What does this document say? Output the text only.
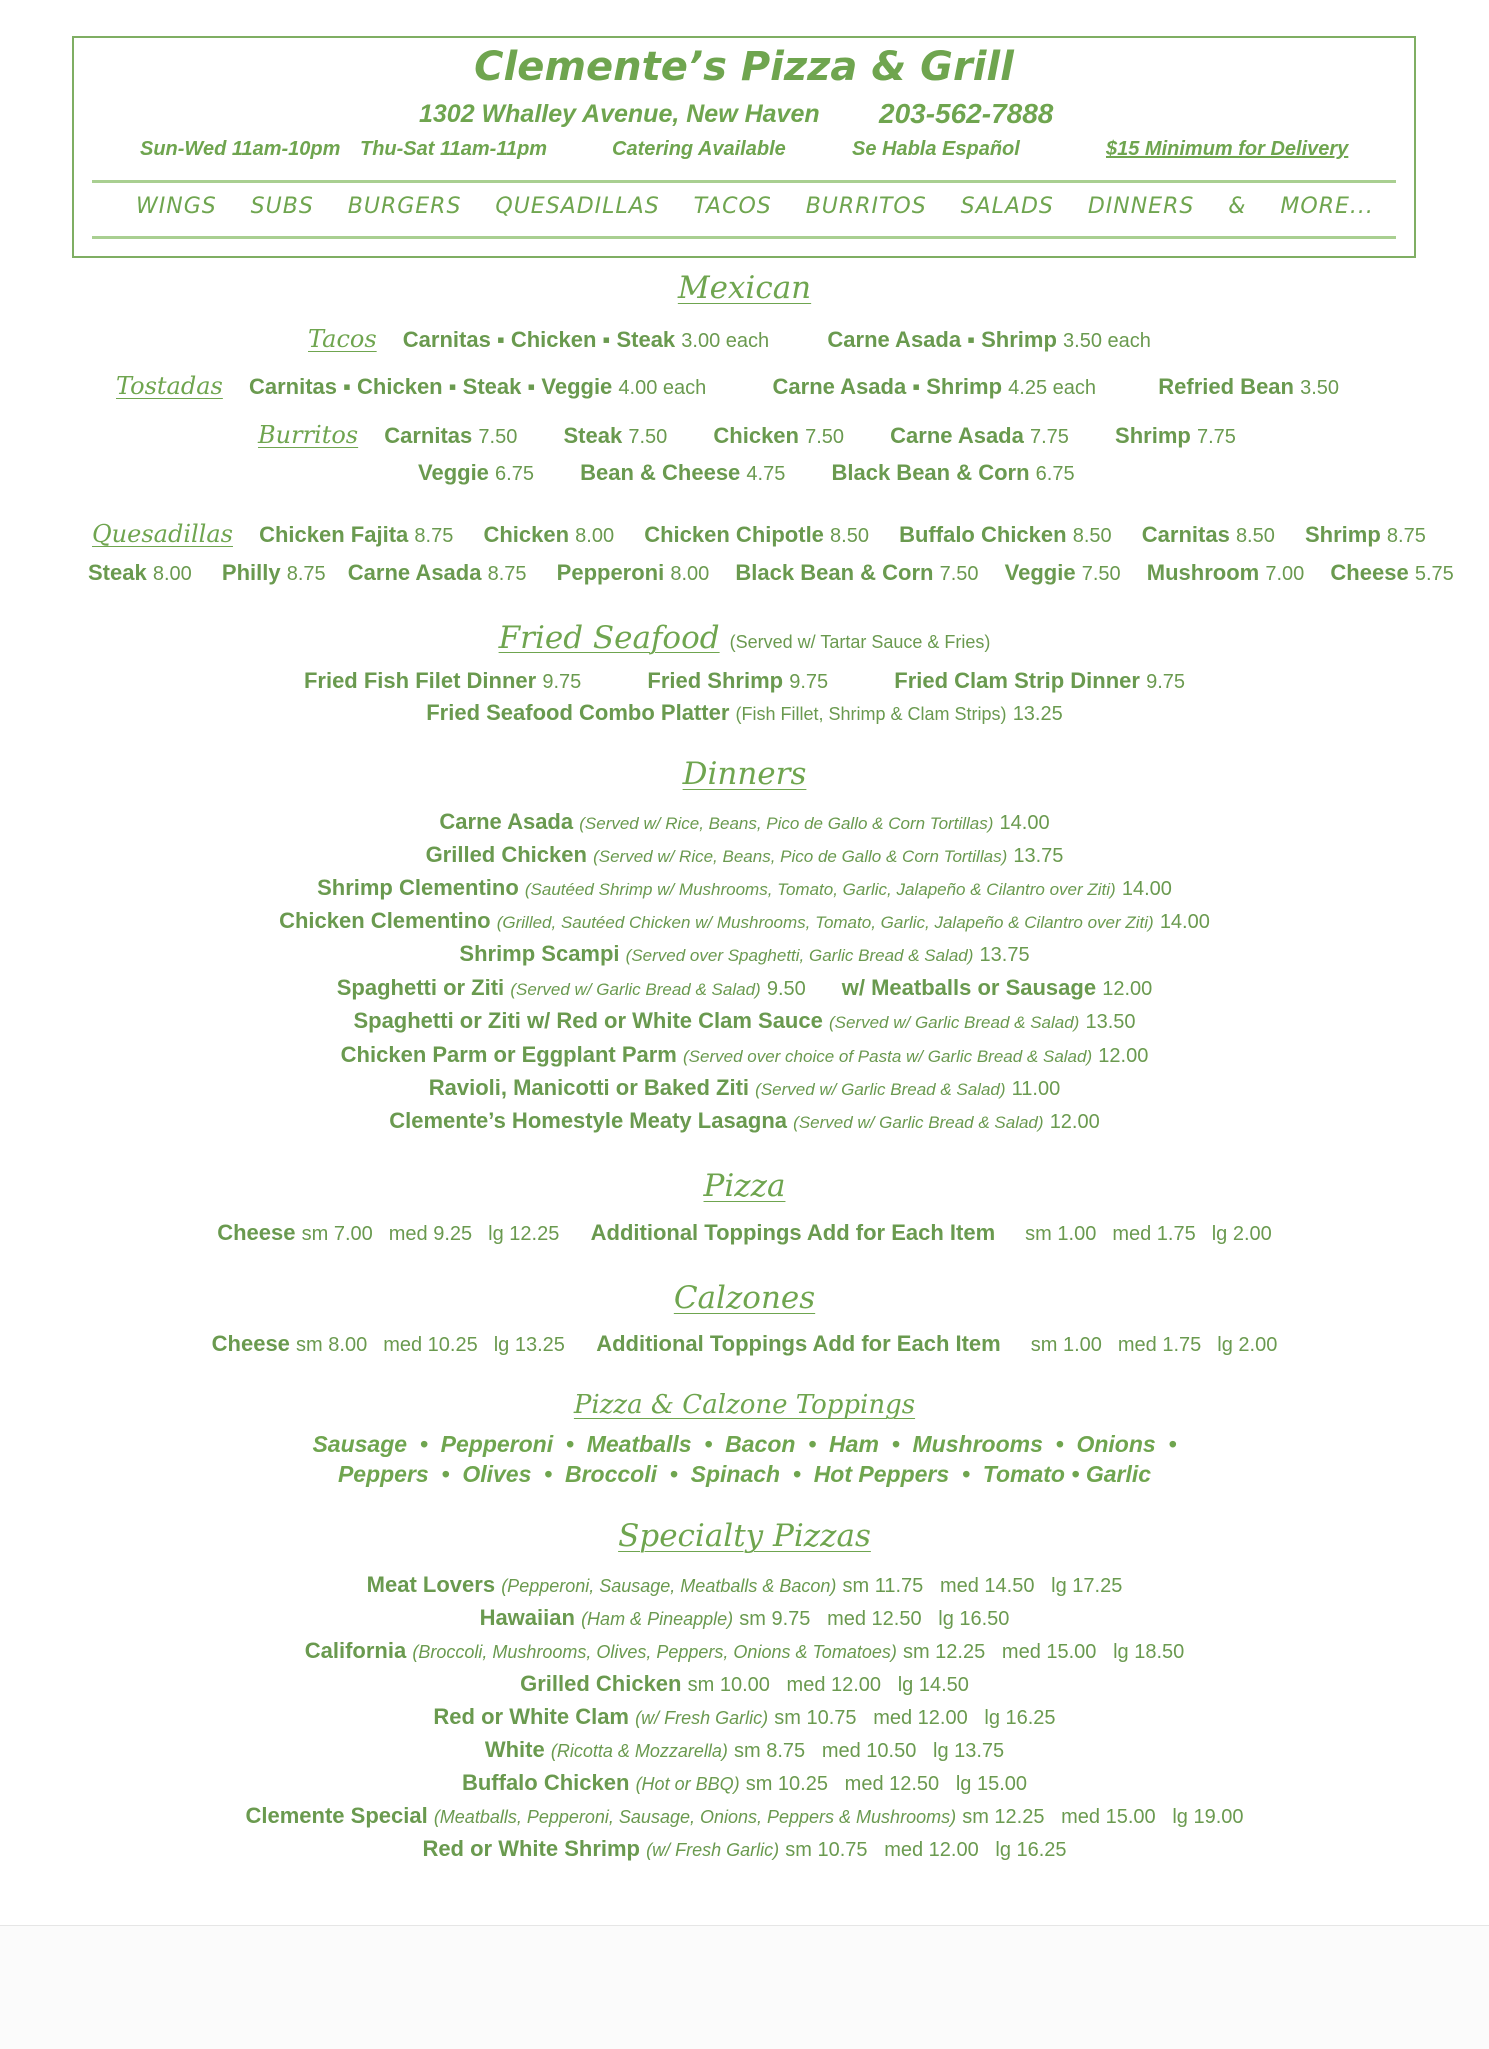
Clemente’s Pizza & Grill
1302 Whalley Avenue, New Haven 203-562-7888
Sun-Wed 11am-10pm Thu-Sat 11am-11pm	Catering Available	Se Habla Español	$15 Minimum for Delivery
WINGS SUBS BURGERS QUESADILLAS TACOS BURRITOS SALADS DINNERS & MORE...
Mexican
Tacos Carnitas ▪ Chicken ▪ Steak 3.00 each	Carne Asada ▪ Shrimp 3.50 each
Tostadas Carnitas ▪ Chicken ▪ Steak ▪ Veggie 4.00 each	Carne Asada ▪ Shrimp 4.25 each	Refried Bean 3.50
Burritos Carnitas 7.50 Steak 7.50 Chicken 7.50 Carne Asada 7.75 Shrimp 7.75
Veggie 6.75 Bean & Cheese 4.75 Black Bean & Corn 6.75
Quesadillas Chicken Fajita 8.75 Chicken 8.00 Chicken Chipotle 8.50 Buffalo Chicken 8.50 Carnitas 8.50 Shrimp 8.75
Steak 8.00 Philly 8.75 Carne Asada 8.75 Pepperoni 8.00 Black Bean & Corn 7.50 Veggie 7.50 Mushroom 7.00 Cheese 5.75
Fried Seafood (Served w/ Tartar Sauce & Fries)
Fried Fish Filet Dinner 9.75	Fried Shrimp 9.75	Fried Clam Strip Dinner 9.75
Fried Seafood Combo Platter (Fish Fillet, Shrimp & Clam Strips) 13.25
Dinners
Carne Asada (Served w/ Rice, Beans, Pico de Gallo & Corn Tortillas) 14.00
Grilled Chicken (Served w/ Rice, Beans, Pico de Gallo & Corn Tortillas) 13.75
Shrimp Clementino (Sautéed Shrimp w/ Mushrooms, Tomato, Garlic, Jalapeño & Cilantro over Ziti) 14.00
Chicken Clementino (Grilled, Sautéed Chicken w/ Mushrooms, Tomato, Garlic, Jalapeño & Cilantro over Ziti) 14.00
Shrimp Scampi (Served over Spaghetti, Garlic Bread & Salad) 13.75
Spaghetti or Ziti (Served w/ Garlic Bread & Salad) 9.50 w/ Meatballs or Sausage 12.00
Spaghetti or Ziti w/ Red or White Clam Sauce (Served w/ Garlic Bread & Salad) 13.50
Chicken Parm or Eggplant Parm (Served over choice of Pasta w/ Garlic Bread & Salad) 12.00
Ravioli, Manicotti or Baked Ziti (Served w/ Garlic Bread & Salad) 11.00
Clemente’s Homestyle Meaty Lasagna (Served w/ Garlic Bread & Salad) 12.00
Pizza
Cheese sm 7.00 med 9.25 lg 12.25 Additional Toppings Add for Each Item sm 1.00 med 1.75 lg 2.00
Calzones
Cheese sm 8.00 med 10.25 lg 13.25 Additional Toppings Add for Each Item sm 1.00 med 1.75 lg 2.00
Pizza & Calzone Toppings
Sausage  •  Pepperoni  •  Meatballs  •  Bacon  •  Ham  •  Mushrooms  •  Onions  •
Peppers  •  Olives  •  Broccoli  •  Spinach  •  Hot Peppers  •  Tomato • Garlic
Specialty Pizzas
Meat Lovers (Pepperoni, Sausage, Meatballs & Bacon) sm 11.75   med 14.50   lg 17.25
Hawaiian (Ham & Pineapple) sm 9.75   med 12.50   lg 16.50
California (Broccoli, Mushrooms, Olives, Peppers, Onions & Tomatoes) sm 12.25   med 15.00   lg 18.50
Grilled Chicken sm 10.00   med 12.00   lg 14.50
Red or White Clam (w/ Fresh Garlic) sm 10.75   med 12.00   lg 16.25
White (Ricotta & Mozzarella) sm 8.75   med 10.50   lg 13.75
Buffalo Chicken (Hot or BBQ) sm 10.25   med 12.50   lg 15.00
Clemente Special (Meatballs, Pepperoni, Sausage, Onions, Peppers & Mushrooms) sm 12.25   med 15.00   lg 19.00
Red or White Shrimp (w/ Fresh Garlic) sm 10.75   med 12.00   lg 16.25
